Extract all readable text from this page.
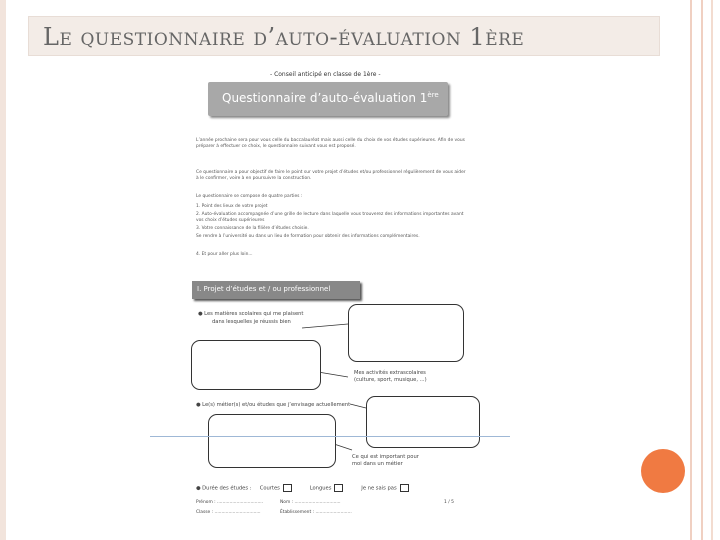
Le questionnaire d’auto-évaluation 1ère
- Conseil anticipé en classe de 1ère -
Questionnaire d’auto-évaluation 1ère
L’année prochaine sera pour vous celle du baccalauréat mais aussi celle du choix de vos études supérieures. Afin de vous préparer à effectuer ce choix, le questionnaire suivant vous est proposé.
Ce questionnaire a pour objectif de faire le point sur votre projet d’études et/ou professionnel régulièrement de vous aider à le confirmer, voire à en poursuivre la construction.
Le questionnaire se compose de quatre parties :
1. Point des lieux de votre projet
2. Auto-évaluation accompagnée d’une grille de lecture dans laquelle vous trouverez des informations importantes avant vos choix d’études supérieures
3. Votre connaissance de la filière d’études choisie.
Se rendre à l’université ou dans un lieu de formation pour obtenir des informations complémentaires.
4. Et pour aller plus loin...
I. Projet d’études et / ou professionnel
● Les matières scolaires qui me plaisent
dans lesquelles je réussis bien
Mes activités extrascolaires
(culture, sport, musique, ...)
● Le(s) métier(s) et/ou études que j’envisage actuellement
Ce qui est important pour
moi dans un métier
● Durée des études : Courtes	Longues	Je ne sais pas
Prénom : .................................	Nom : .................................	1 / 5
Classe : .................................	Établissement : ..........................
